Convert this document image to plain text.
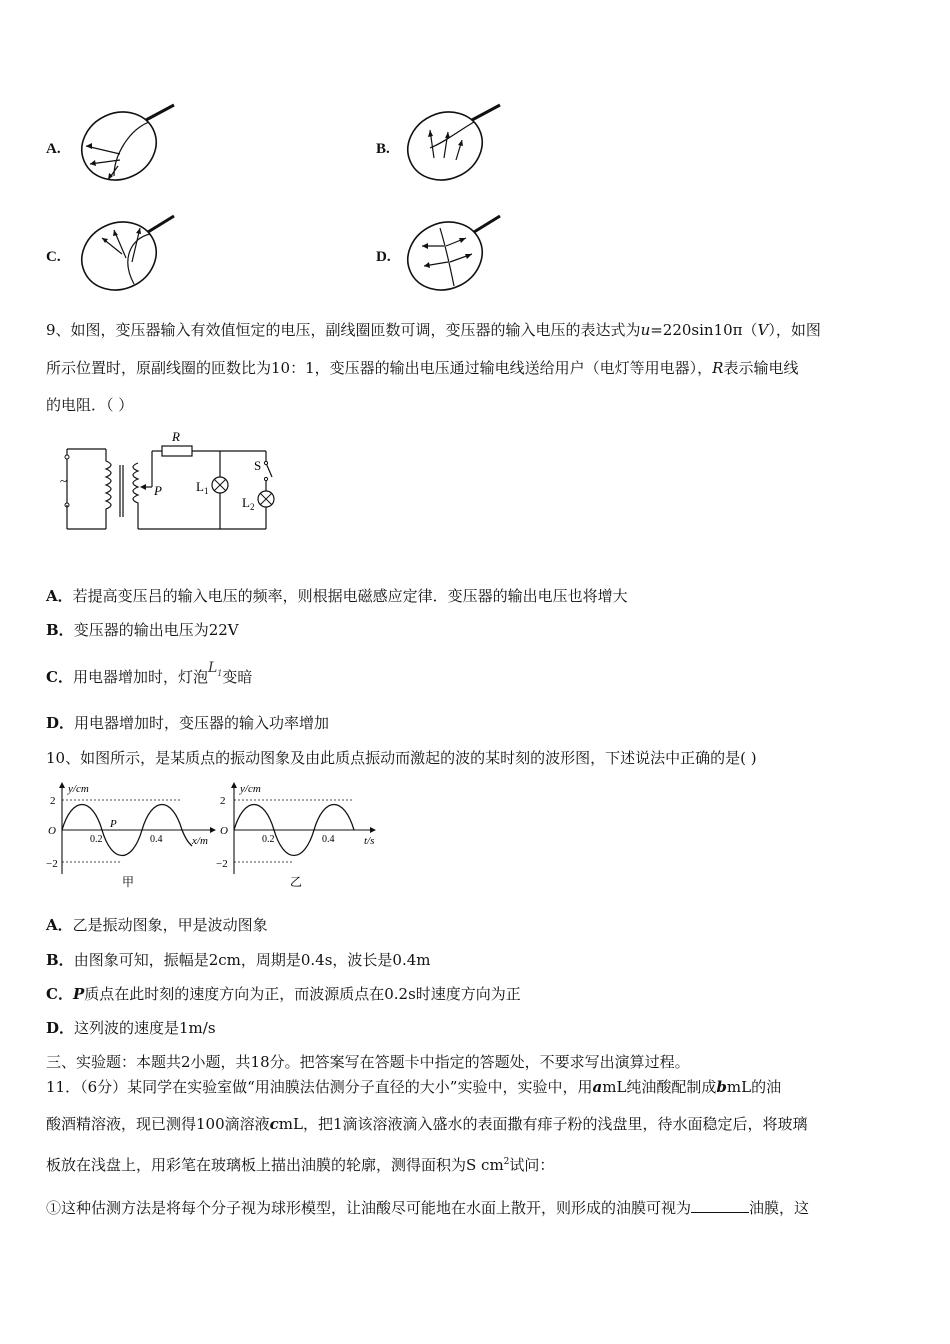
A.	B.
C.	D.
9、如图，变压器输入有效值恒定的电压，副线圈匝数可调，变压器的输入电压的表达式为u=220sin10π（V），如图
所示位置时，原副线圈的匝数比为10：1，变压器的输出电压通过输电线送给用户（电灯等用电器），R表示输电线
的电阻．（ ）
~
P
R
$L_1$
S
$L_2$
A．若提高变压吕的输入电压的频率，则根据电磁感应定律．变压器的输出电压也将增大
B．变压器的输出电压为22V
C．用电器增加时，灯泡$L_1$变暗
D．用电器增加时，变压器的输入功率增加
10、如图所示，是某质点的振动图象及由此质点振动而激起的波的某时刻的波形图，下述说法中正确的是( )
y/cm
x/m
2
−2
O
0.2	0.4
P
甲
y/cm
t/s
2
−2
O
0.2	0.4
乙
A．乙是振动图象，甲是波动图象
B．由图象可知，振幅是2cm，周期是0.4s，波长是0.4m
C．P质点在此时刻的速度方向为正，而波源质点在0.2s时速度方向为正
D．这列波的速度是1m/s
三、实验题：本题共2小题，共18分。把答案写在答题卡中指定的答题处，不要求写出演算过程。
11．（6分）某同学在实验室做“用油膜法估测分子直径的大小”实验中，实验中，用amL纯油酸配制成bmL的油
酸酒精溶液，现已测得100滴溶液cmL，把1滴该溶液滴入盛水的表面撒有痱子粉的浅盘里，待水面稳定后，将玻璃
板放在浅盘上，用彩笔在玻璃板上描出油膜的轮廓，测得面积为S $cm^2$试问：
①这种估测方法是将每个分子视为球形模型，让油酸尽可能地在水面上散开，则形成的油膜可视为	油膜，这
